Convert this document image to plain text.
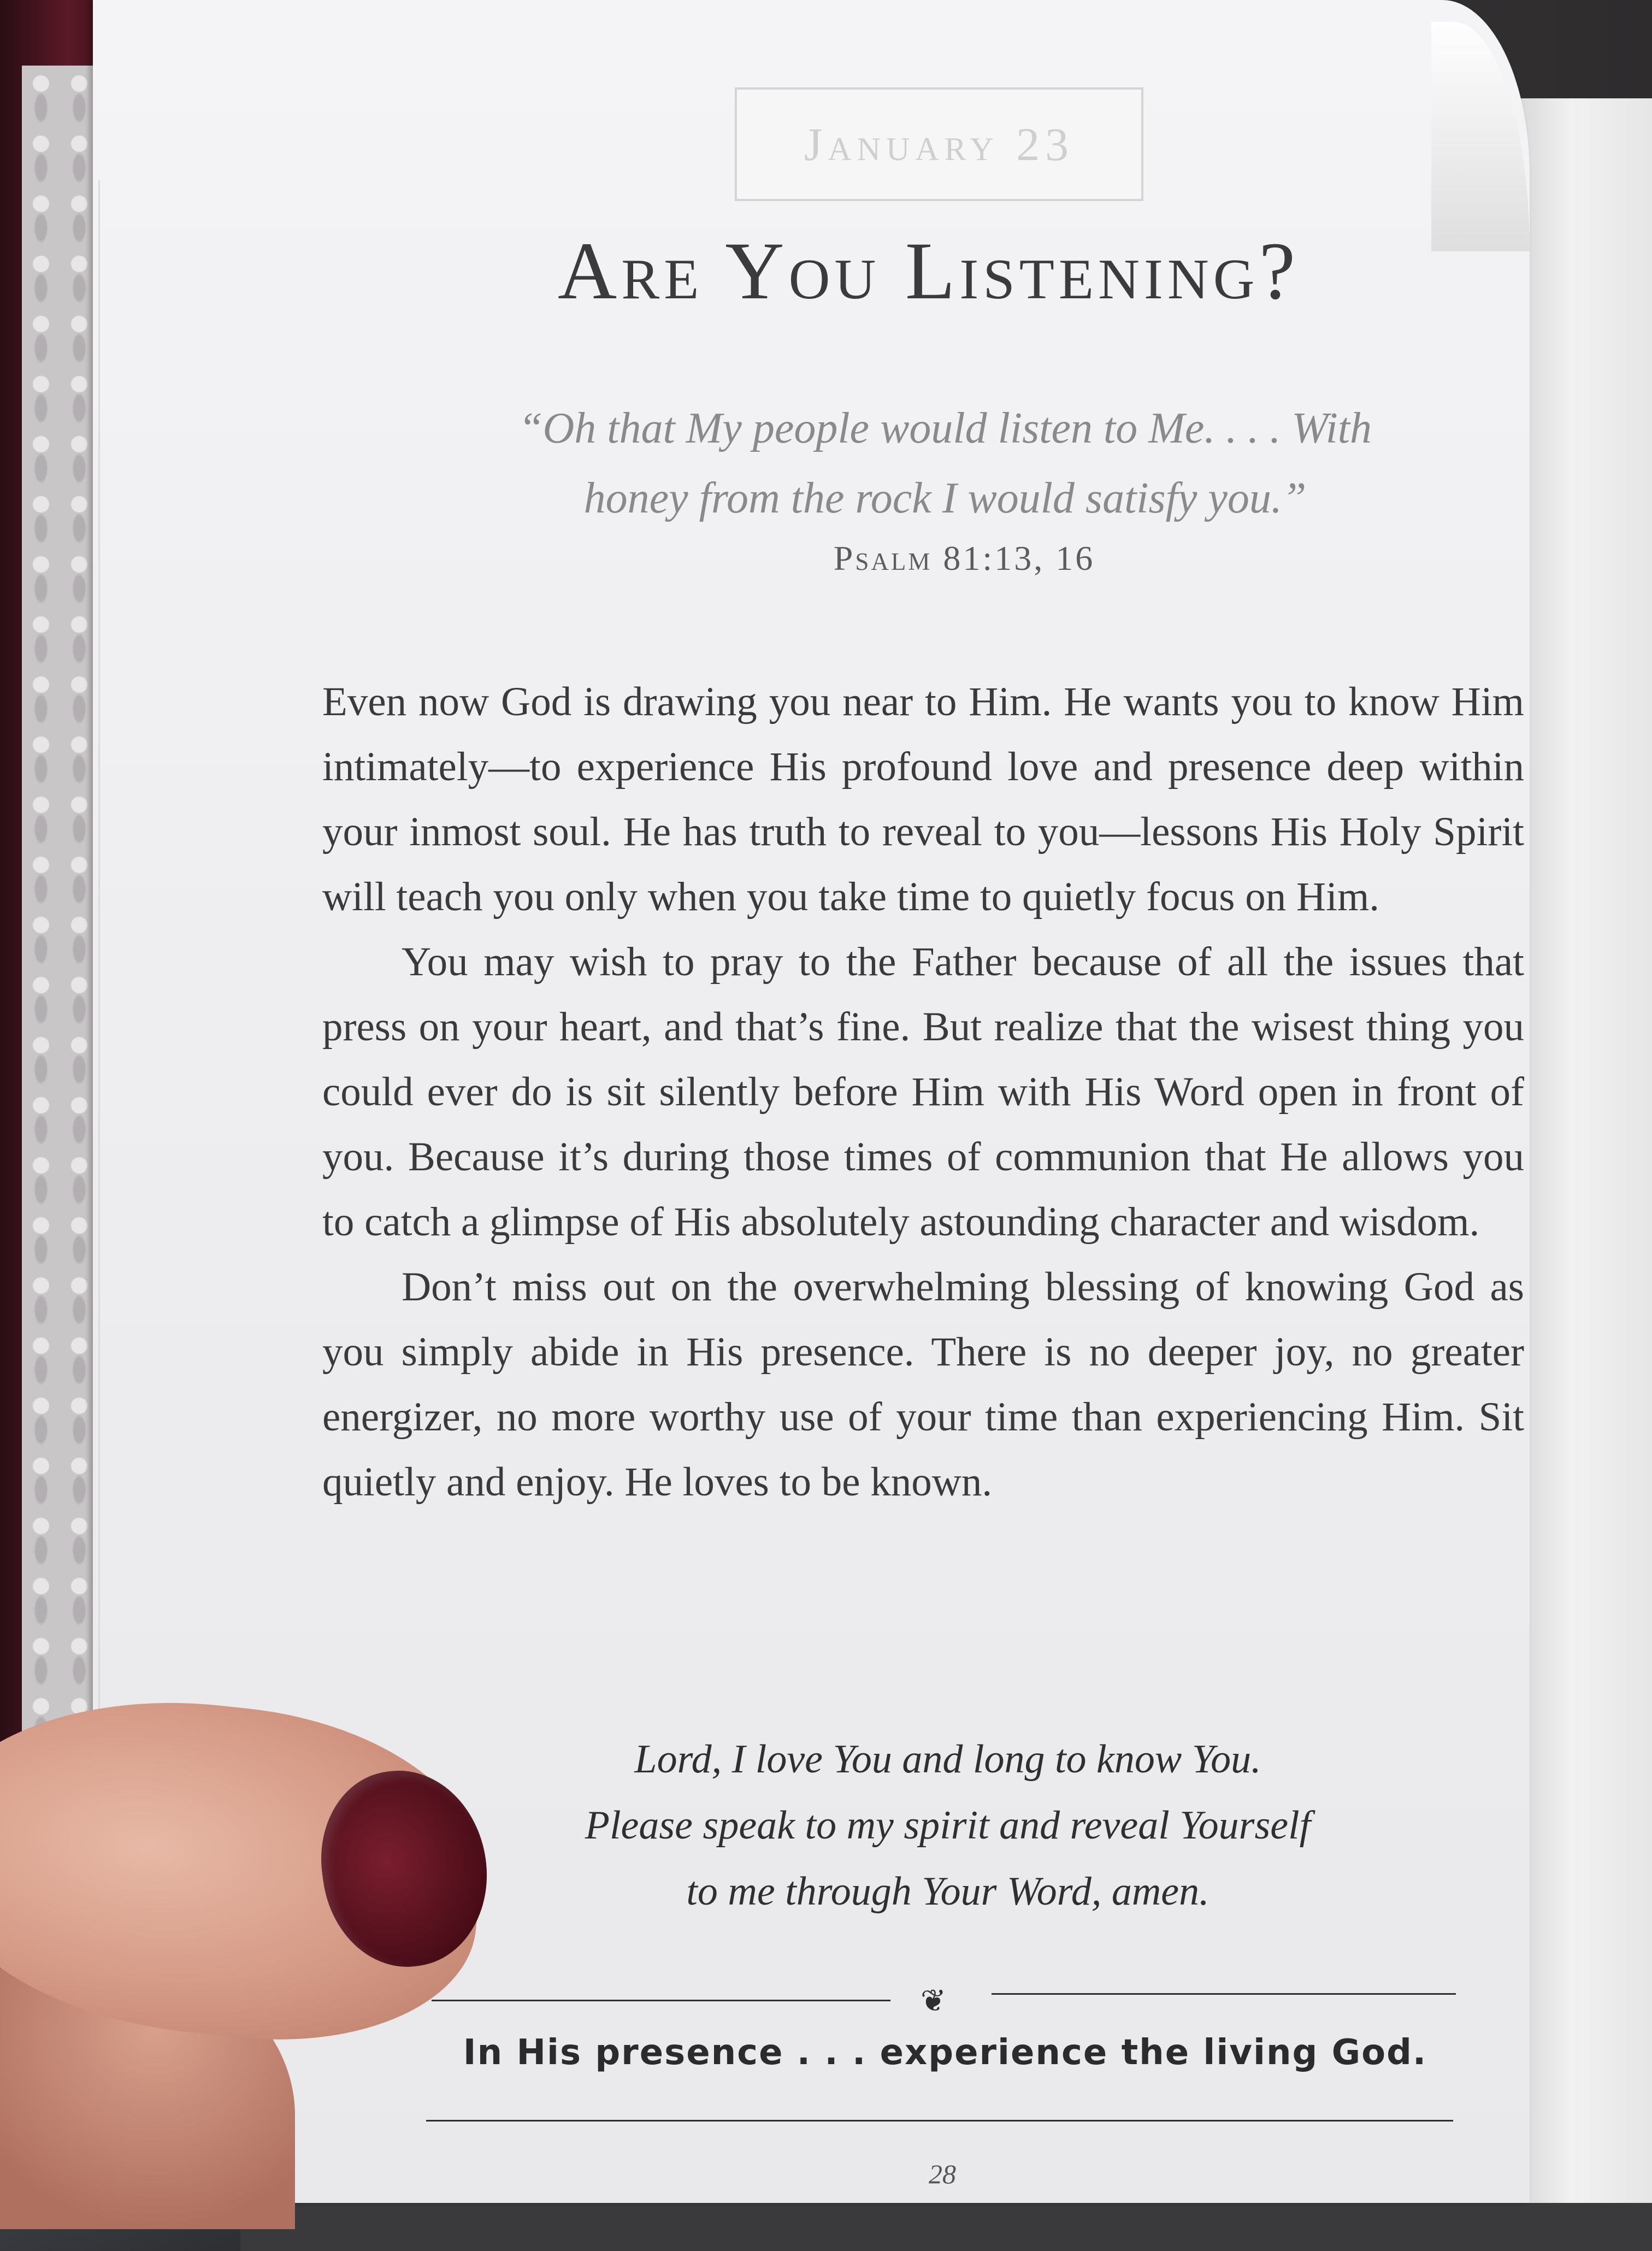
January 23
Are You Listening?
“Oh that My people would listen to Me. . . . With
honey from the rock I would satisfy you.”
Psalm 81:13, 16

Even now God is drawing you near to Him. He wants you to know Him intimately—to experience His profound love and presence deep within your inmost soul. He has truth to reveal to you—lessons His Holy Spirit will teach you only when you take time to quietly focus on Him.

You may wish to pray to the Father because of all the issues that press on your heart, and that’s fine. But realize that the wisest thing you could ever do is sit silently before Him with His Word open in front of you. Because it’s during those times of communion that He allows you to catch a glimpse of His absolutely astounding character and wisdom.

Don’t miss out on the overwhelming blessing of knowing God as you simply abide in His presence. There is no deeper joy, no greater energizer, no more worthy use of your time than experiencing Him. Sit quietly and enjoy. He loves to be known.

Lord, I love You and long to know You.
Please speak to my spirit and reveal Yourself
to me through Your Word, amen.
❦
In His presence . . . experience the living God.
28
